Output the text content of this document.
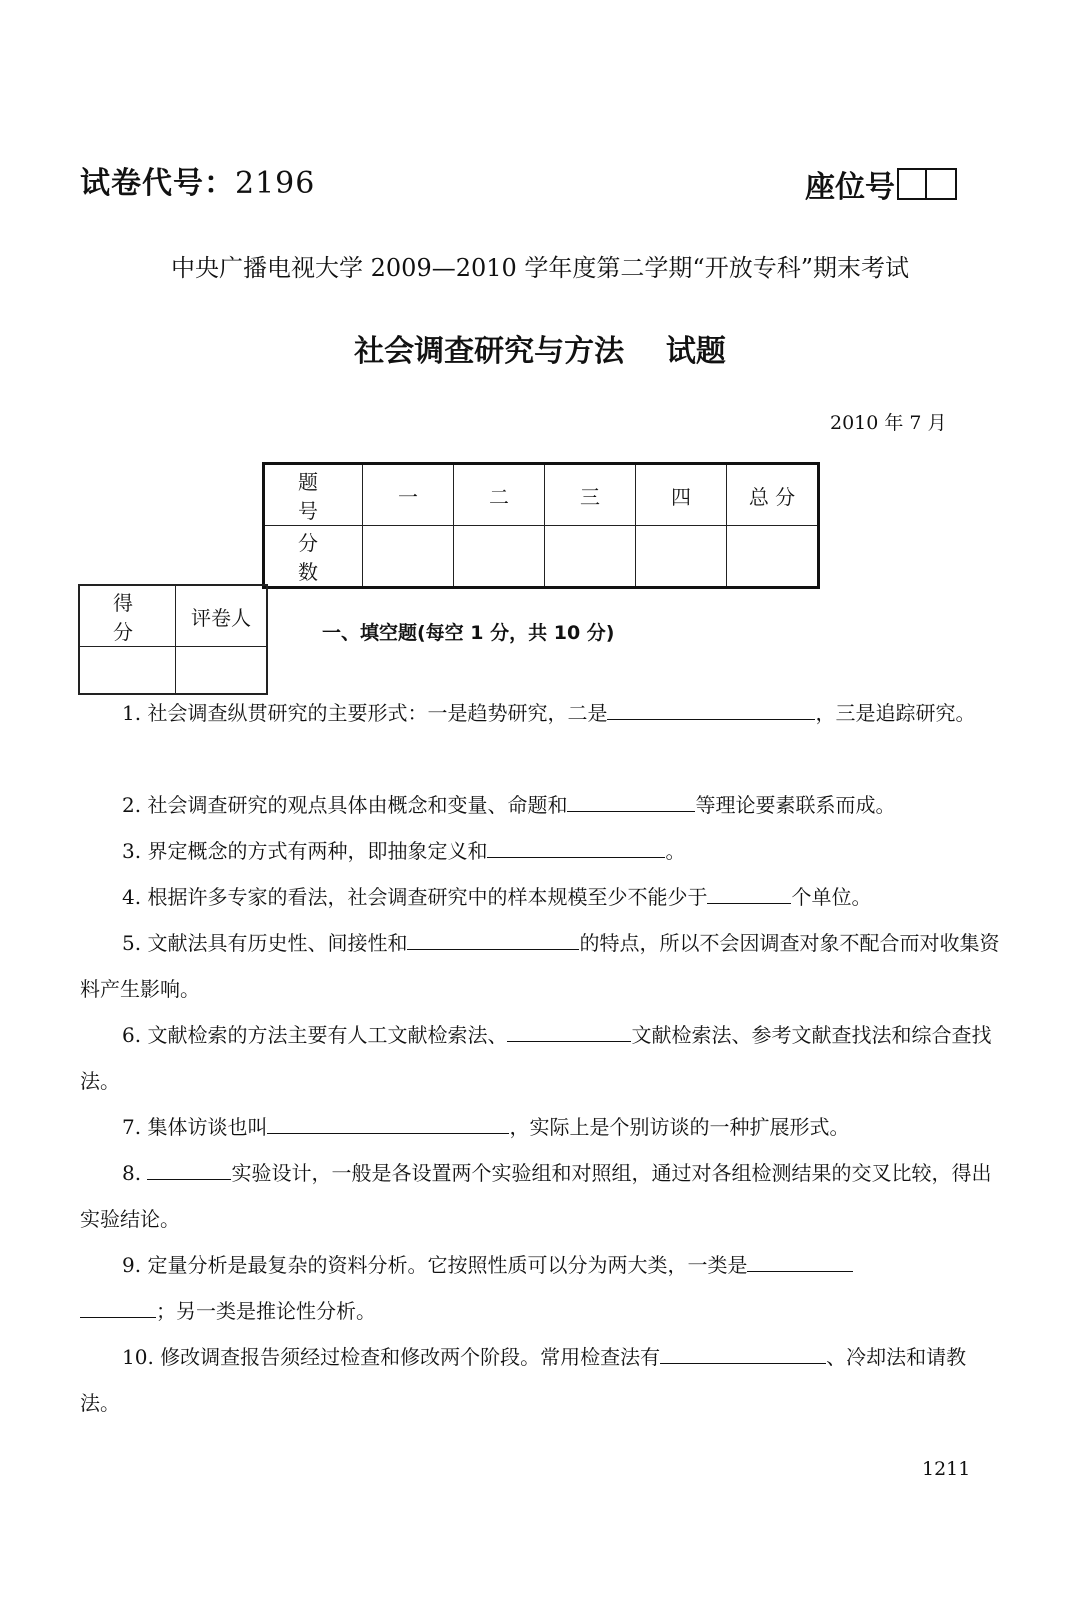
试卷代号：2196	座位号
中央广播电视大学 2009—2010 学年度第二学期“开放专科”期末考试
社会调查研究与方法    试题
2010 年 7 月
题 号	一	二	三	四	总 分
分 数					
得 分	评卷人

一、填空题(每空 1 分，共 10 分)
1. 社会调查纵贯研究的主要形式：一是趋势研究，二是	，三是追踪研究。
2. 社会调查研究的观点具体由概念和变量、命题和	等理论要素联系而成。
3. 界定概念的方式有两种，即抽象定义和	。
4. 根据许多专家的看法，社会调查研究中的样本规模至少不能少于	个单位。
5. 文献法具有历史性、间接性和	的特点，所以不会因调查对象不配合而对收集资料产生影响。
6. 文献检索的方法主要有人工文献检索法、	文献检索法、参考文献查找法和综合查找法。
7. 集体访谈也叫	，实际上是个别访谈的一种扩展形式。
8.	实验设计，一般是各设置两个实验组和对照组，通过对各组检测结果的交叉比较，得出实验结论。
9. 定量分析是最复杂的资料分析。它按照性质可以分为两大类，一类是
；另一类是推论性分析。
10. 修改调查报告须经过检查和修改两个阶段。常用检查法有	、冷却法和请教法。
1211
